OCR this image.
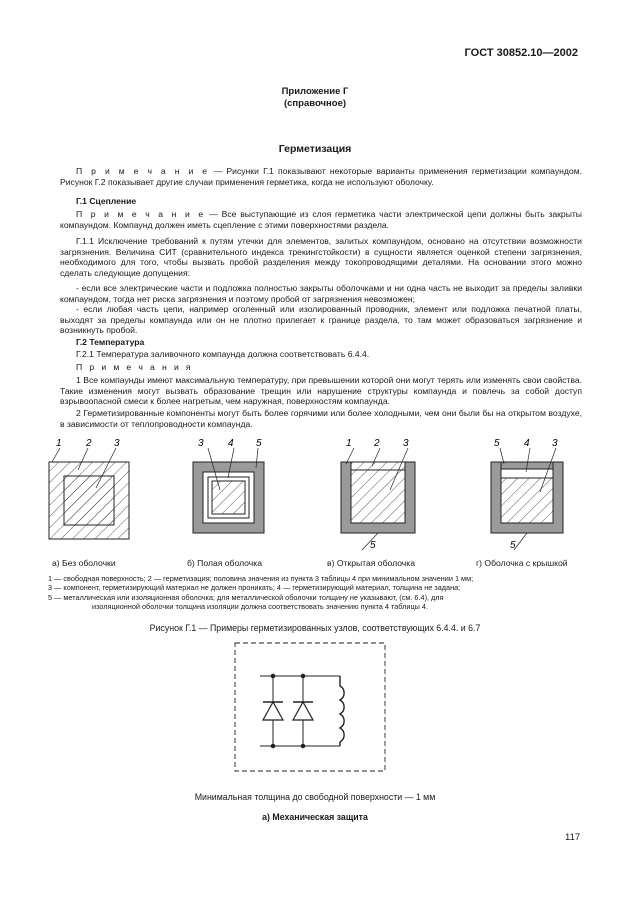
ГОСТ 30852.10—2002
Приложение Г
(справочное)
Герметизация
П р и м е ч а н и е — Рисунки Г.1 показывают некоторые варианты применения герметизации компаундом. Рисунок Г.2 показывает другие случаи применения герметика, когда не используют оболочку.
Г.1 Сцепление
П р и м е ч а н и е — Все выступающие из слоя герметика части электрической цепи должны быть закрыты компаундом. Компаунд должен иметь сцепление с этими поверхностями раздела.
Г.1.1 Исключение требований к путям утечки для элементов, залитых компаундом, основано на отсутствии возможности загрязнения. Величина СИТ (сравнительного индекса трекингстойкости) в сущности является оценкой степени загрязнения, необходимого для того, чтобы вызвать пробой разделения между токопроводящими деталями. На основании этого можно сделать следующие допущения:
- если все электрические части и подложка полностью закрыты оболочками и ни одна часть не выходит за пределы заливки компаундом, тогда нет риска загрязнения и поэтому пробой от загрязнения невозможен;
- если любая часть цепи, например оголенный или изолированный проводник, элемент или подложка печатной платы, выходят за пределы компаунда или он не плотно прилегает к границе раздела, то там может образоваться загрязнение и возникнуть пробой.
Г.2 Температура
Г.2.1 Температура заливочного компаунда должна соответствовать 6.4.4.
П р и м е ч а н и я
1 Все компаунды имеют максимальную температуру, при превышении которой они могут терять или изменять свои свойства. Такие изменения могут вызвать образование трещин или нарушение структуры компаунда и повлечь за собой доступ взрывоопасной смеси к более нагретым, чем наружная, поверхностям компаунда.
2 Герметизированные компоненты могут быть более горячими или более холодными, чем они были бы на открытом воздухе, в зависимости от теплопроводности компаунда.
1 2 3	3 4 5	1 2 3
5
5 4 3
5
а) Без оболочки	б) Полая оболочка	в) Открытая оболочка	г) Оболочка с крышкой
1 — свободная поверхность; 2 — герметизация; половина значения из пункта 3 таблицы 4 при минимальном значении 1 мм;
3 — компонент, герметизирующий материал не должен проникать; 4 — герметизирующий материал, толщина не задана;
5 — металлическая или изоляционная оболочка; для металлической оболочки толщину не указывают, (см. 6.4), для
изоляционной оболочки толщина изоляции должна соответствовать значению пункта 4 таблицы 4.
Рисунок Г.1 — Примеры герметизированных узлов, соответствующих 6.4.4. и 6.7
Минимальная толщина до свободной поверхности — 1 мм
а) Механическая защита
117
